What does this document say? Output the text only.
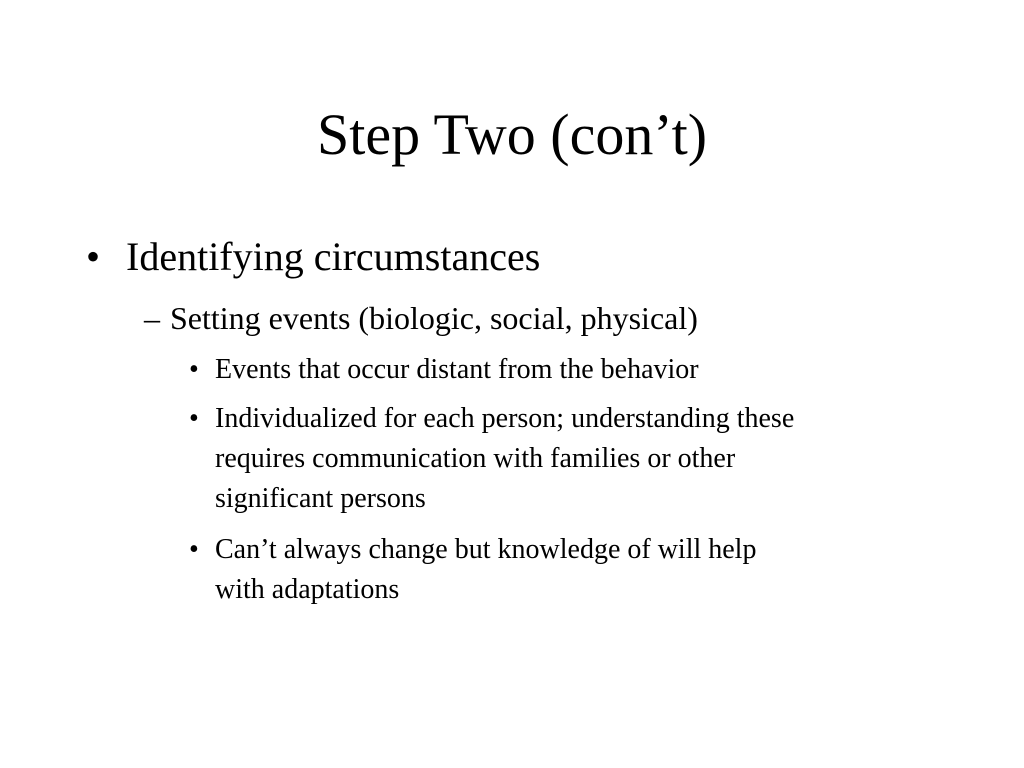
Step Two (con’t)
• Identifying circumstances
– Setting events (biologic, social, physical)
• Events that occur distant from the behavior
• Individualized for each person; understanding these
requires communication with families or other
significant persons
• Can’t always change but knowledge of will help
with adaptations
